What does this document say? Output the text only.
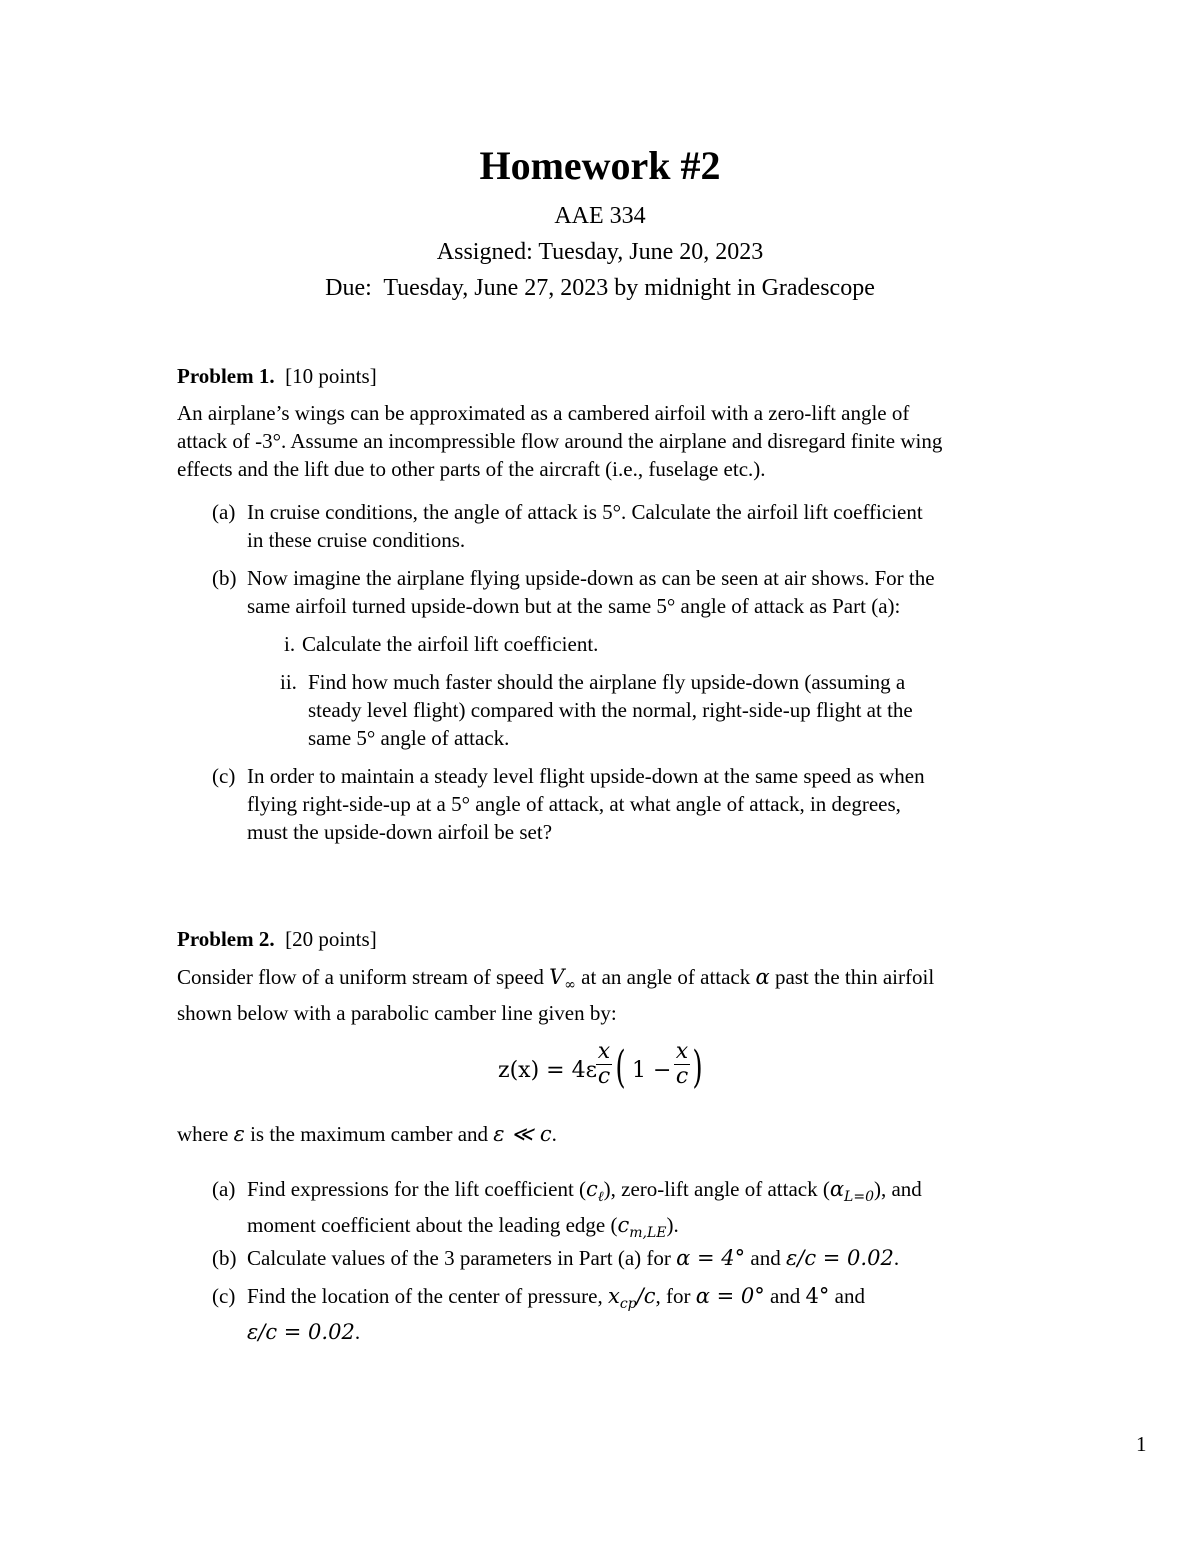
Homework #2
AAE 334
Assigned: Tuesday, June 20, 2023
Due:  Tuesday, June 27, 2023 by midnight in Gradescope
Problem 1. [10 points]
An airplane’s wings can be approximated as a cambered airfoil with a zero-lift angle of
attack of -3°. Assume an incompressible flow around the airplane and disregard finite wing
effects and the lift due to other parts of the aircraft (i.e., fuselage etc.).
(a) In cruise conditions, the angle of attack is 5°. Calculate the airfoil lift coefficient
in these cruise conditions.
(b) Now imagine the airplane flying upside-down as can be seen at air shows. For the
same airfoil turned upside-down but at the same 5° angle of attack as Part (a):
i. Calculate the airfoil lift coefficient.
ii. Find how much faster should the airplane fly upside-down (assuming a
steady level flight) compared with the normal, right-side-up flight at the
same 5° angle of attack.
(c) In order to maintain a steady level flight upside-down at the same speed as when
flying right-side-up at a 5° angle of attack, at what angle of attack, in degrees,
must the upside-down airfoil be set?
Problem 2. [20 points]
Consider flow of a uniform stream of speed $V_\infty$ at an angle of attack α past the thin airfoil
shown below with a parabolic camber line given by:
z(x) = 4ε
x
c ( 1 −
x
c )
where ε is the maximum camber and ε ≪ c.
(a) Find expressions for the lift coefficient $(c_\ell)$, zero-lift angle of attack $(\alpha_{L=0})$, and
moment coefficient about the leading edge $(c_{m,LE})$.
(b) Calculate values of the 3 parameters in Part (a) for α = 4° and ε/c = 0.02.
(c) Find the location of the center of pressure, $x_{cp}/c$, for α = 0° and 4° and
ε/c = 0.02.
1
